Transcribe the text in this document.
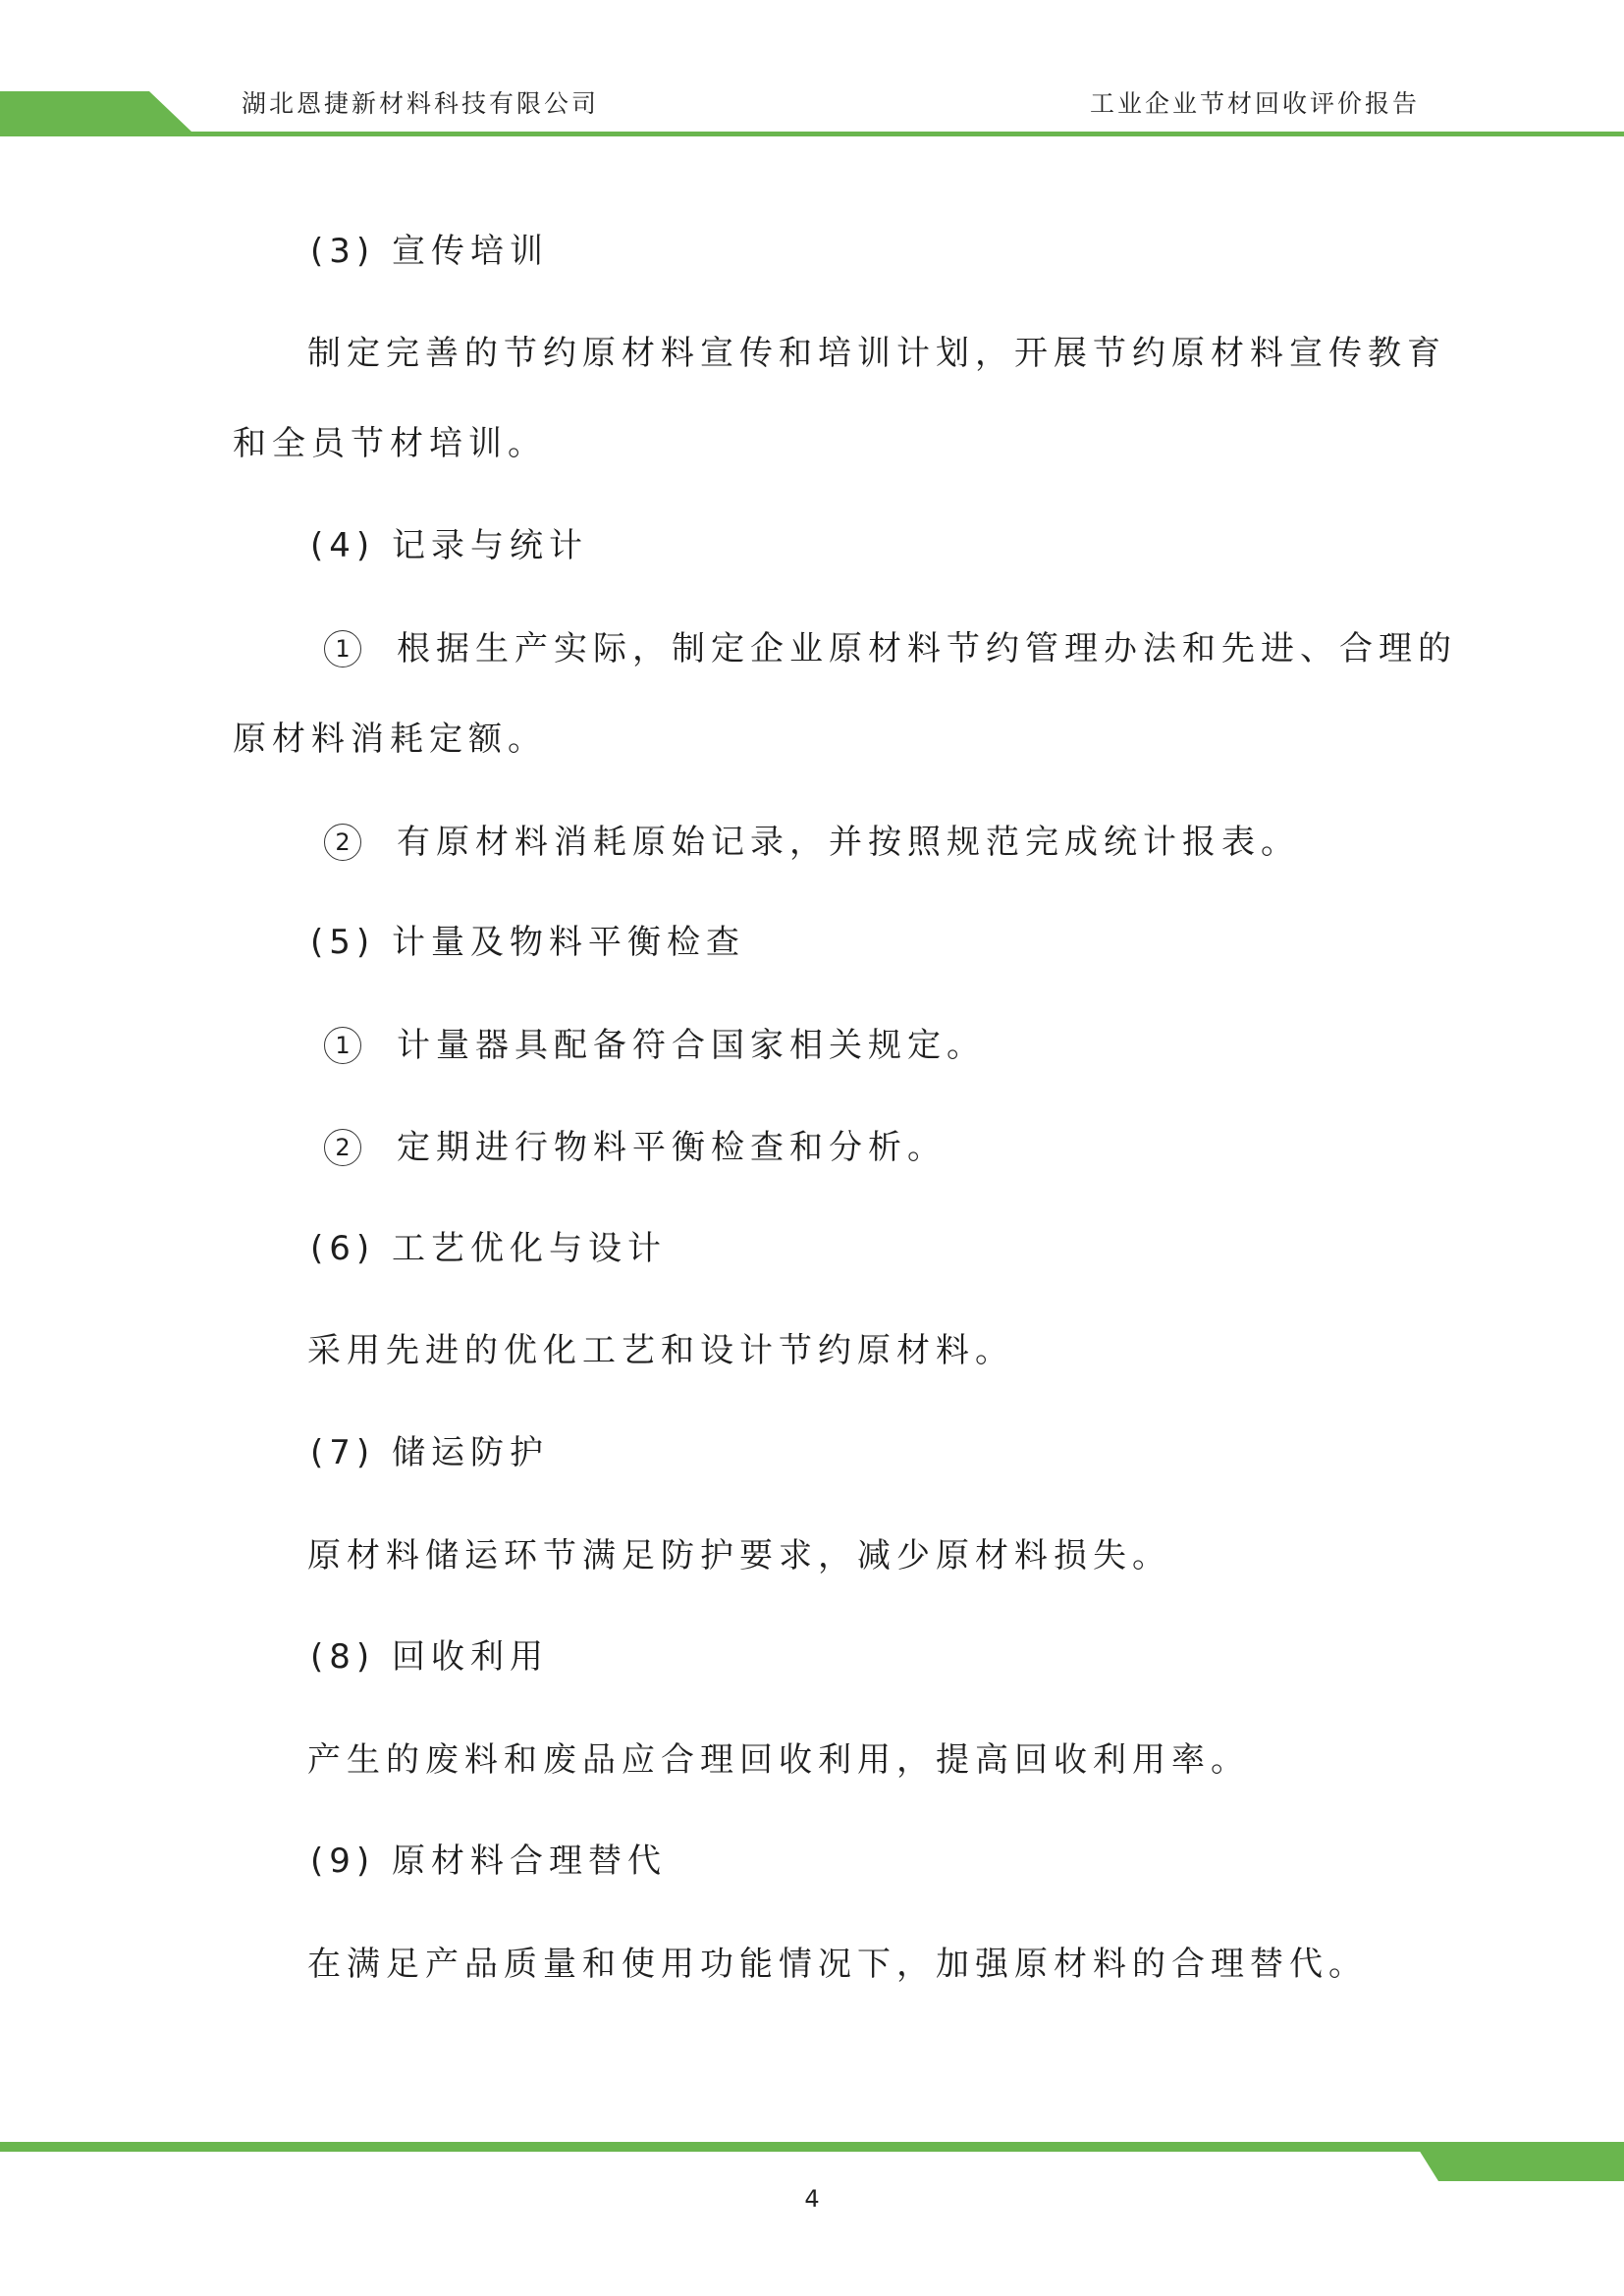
湖北恩捷新材料科技有限公司	工业企业节材回收评价报告
(3) 宣传培训
制定完善的节约原材料宣传和培训计划，开展节约原材料宣传教育
和全员节材培训。
(4) 记录与统计
1 根据生产实际，制定企业原材料节约管理办法和先进、合理的
原材料消耗定额。
2 有原材料消耗原始记录，并按照规范完成统计报表。
(5) 计量及物料平衡检查
1 计量器具配备符合国家相关规定。
2 定期进行物料平衡检查和分析。
(6) 工艺优化与设计
采用先进的优化工艺和设计节约原材料。
(7) 储运防护
原材料储运环节满足防护要求，减少原材料损失。
(8) 回收利用
产生的废料和废品应合理回收利用，提高回收利用率。
(9) 原材料合理替代
在满足产品质量和使用功能情况下，加强原材料的合理替代。
4
